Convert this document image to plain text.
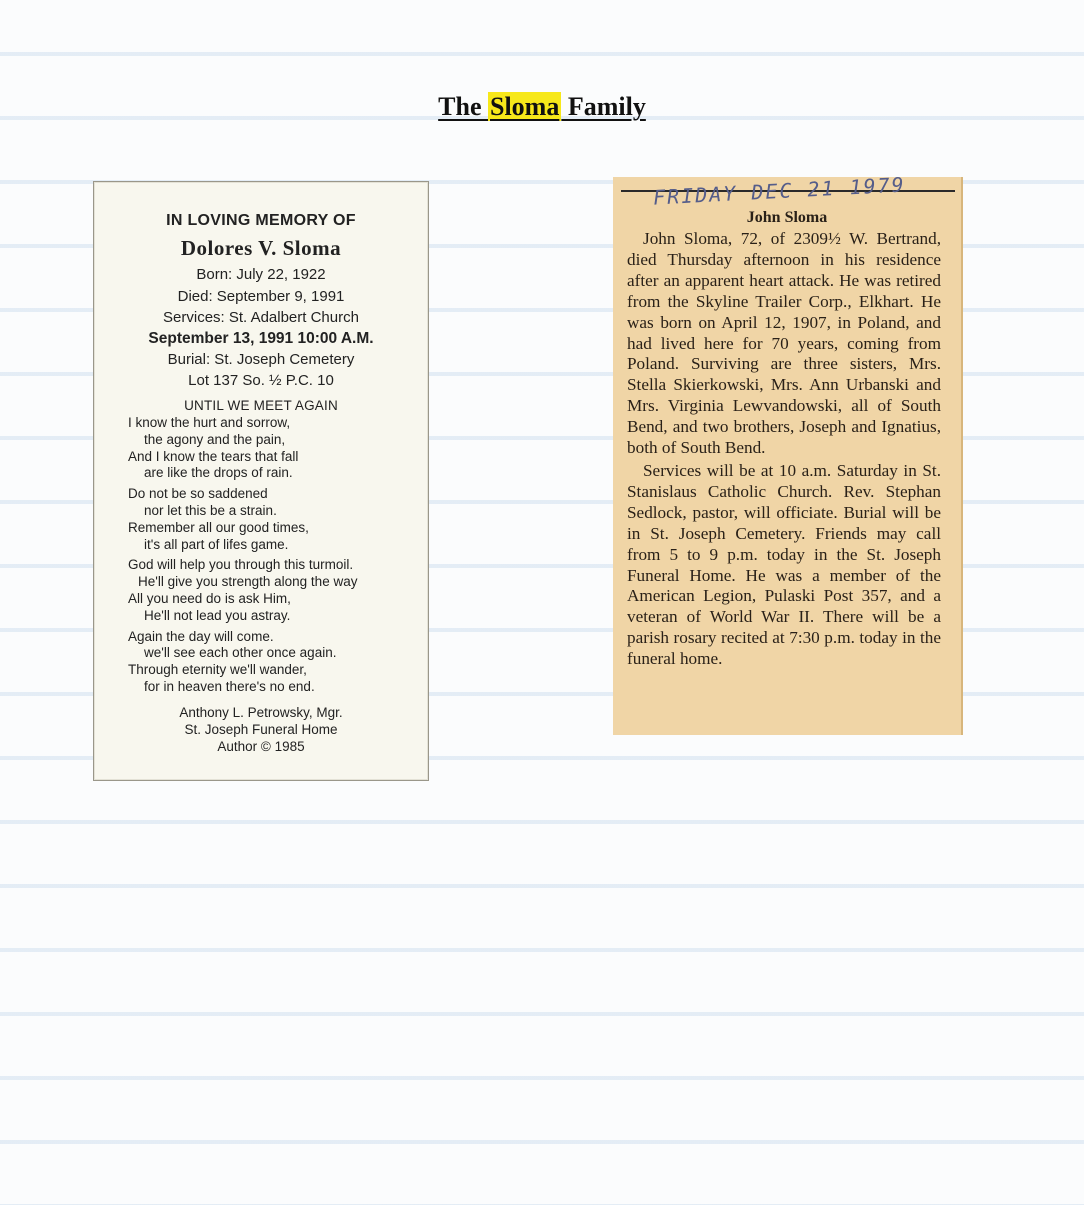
The Sloma Family
IN LOVING MEMORY OF
Dolores V. Sloma
Born: July 22, 1922
Died: September 9, 1991
Services: St. Adalbert Church
September 13, 1991 10:00 A.M.
Burial: St. Joseph Cemetery
Lot 137 So. ½ P.C. 10
UNTIL WE MEET AGAIN
I know the hurt and sorrow,
the agony and the pain,
And I know the tears that fall
are like the drops of rain.
Do not be so saddened
nor let this be a strain.
Remember all our good times,
it's all part of lifes game.
God will help you through this turmoil.
He'll give you strength along the way
All you need do is ask Him,
He'll not lead you astray.
Again the day will come.
we'll see each other once again.
Through eternity we'll wander,
for in heaven there's no end.
Anthony L. Petrowsky, Mgr.
St. Joseph Funeral Home
Author © 1985
FRIDAY DEC 21 1979
John Sloma

John Sloma, 72, of 2309½ W. Bertrand, died Thursday afternoon in his residence after an apparent heart attack. He was retired from the Skyline Trailer Corp., Elkhart. He was born on April 12, 1907, in Poland, and had lived here for 70 years, coming from Poland. Surviving are three sisters, Mrs. Stella Skierkowski, Mrs. Ann Urbanski and Mrs. Virginia Lewvandowski, all of South Bend, and two brothers, Joseph and Ignatius, both of South Bend.

Services will be at 10 a.m. Saturday in St. Stanislaus Catholic Church. Rev. Stephan Sedlock, pastor, will officiate. Burial will be in St. Joseph Cemetery. Friends may call from 5 to 9 p.m. today in the St. Joseph Funeral Home. He was a member of the American Legion, Pulaski Post 357, and a veteran of World War II. There will be a parish rosary recited at 7:30 p.m. today in the funeral home.
